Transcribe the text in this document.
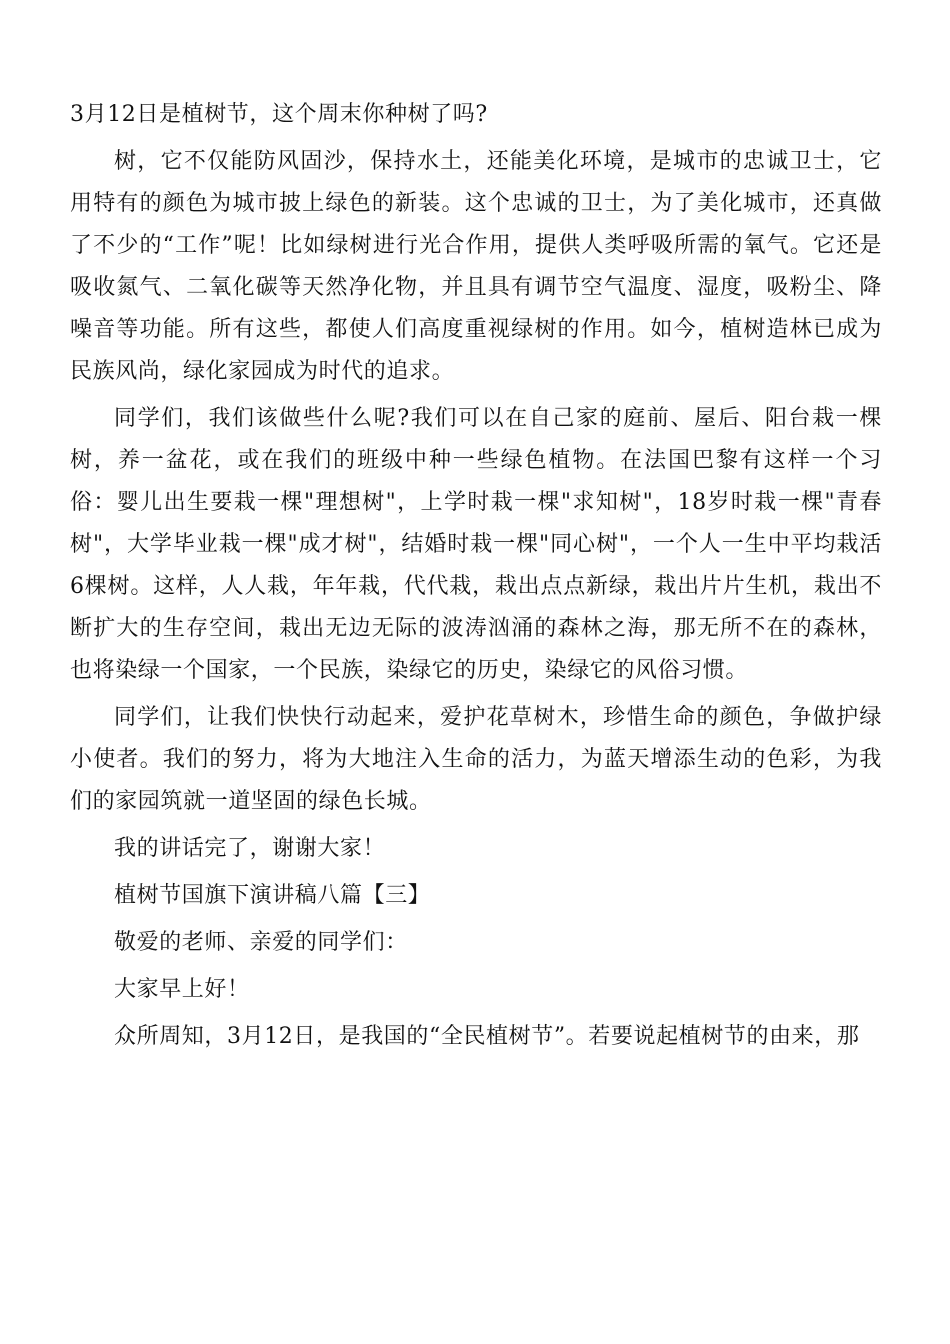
3月12日是植树节，这个周末你种树了吗?

树，它不仅能防风固沙，保持水土，还能美化环境，是城市的忠诚卫士，它用特有的颜色为城市披上绿色的新装。这个忠诚的卫士，为了美化城市，还真做了不少的“工作”呢！比如绿树进行光合作用，提供人类呼吸所需的氧气。它还是吸收氮气、二氧化碳等天然净化物，并且具有调节空气温度、湿度，吸粉尘、降噪音等功能。所有这些，都使人们高度重视绿树的作用。如今，植树造林已成为民族风尚，绿化家园成为时代的追求。

同学们，我们该做些什么呢?我们可以在自己家的庭前、屋后、阳台栽一棵树，养一盆花，或在我们的班级中种一些绿色植物。在法国巴黎有这样一个习俗：婴儿出生要栽一棵"理想树"，上学时栽一棵"求知树"，18岁时栽一棵"青春树"，大学毕业栽一棵"成才树"，结婚时栽一棵"同心树"，一个人一生中平均栽活6棵树。这样，人人栽，年年栽，代代栽，栽出点点新绿，栽出片片生机，栽出不断扩大的生存空间，栽出无边无际的波涛汹涌的森林之海，那无所不在的森林，也将染绿一个国家，一个民族，染绿它的历史，染绿它的风俗习惯。

同学们，让我们快快行动起来，爱护花草树木，珍惜生命的颜色，争做护绿小使者。我们的努力，将为大地注入生命的活力，为蓝天增添生动的色彩，为我们的家园筑就一道坚固的绿色长城。

我的讲话完了，谢谢大家！

植树节国旗下演讲稿八篇【三】

敬爱的老师、亲爱的同学们：

大家早上好！

众所周知，3月12日，是我国的“全民植树节”。若要说起植树节的由来，那
